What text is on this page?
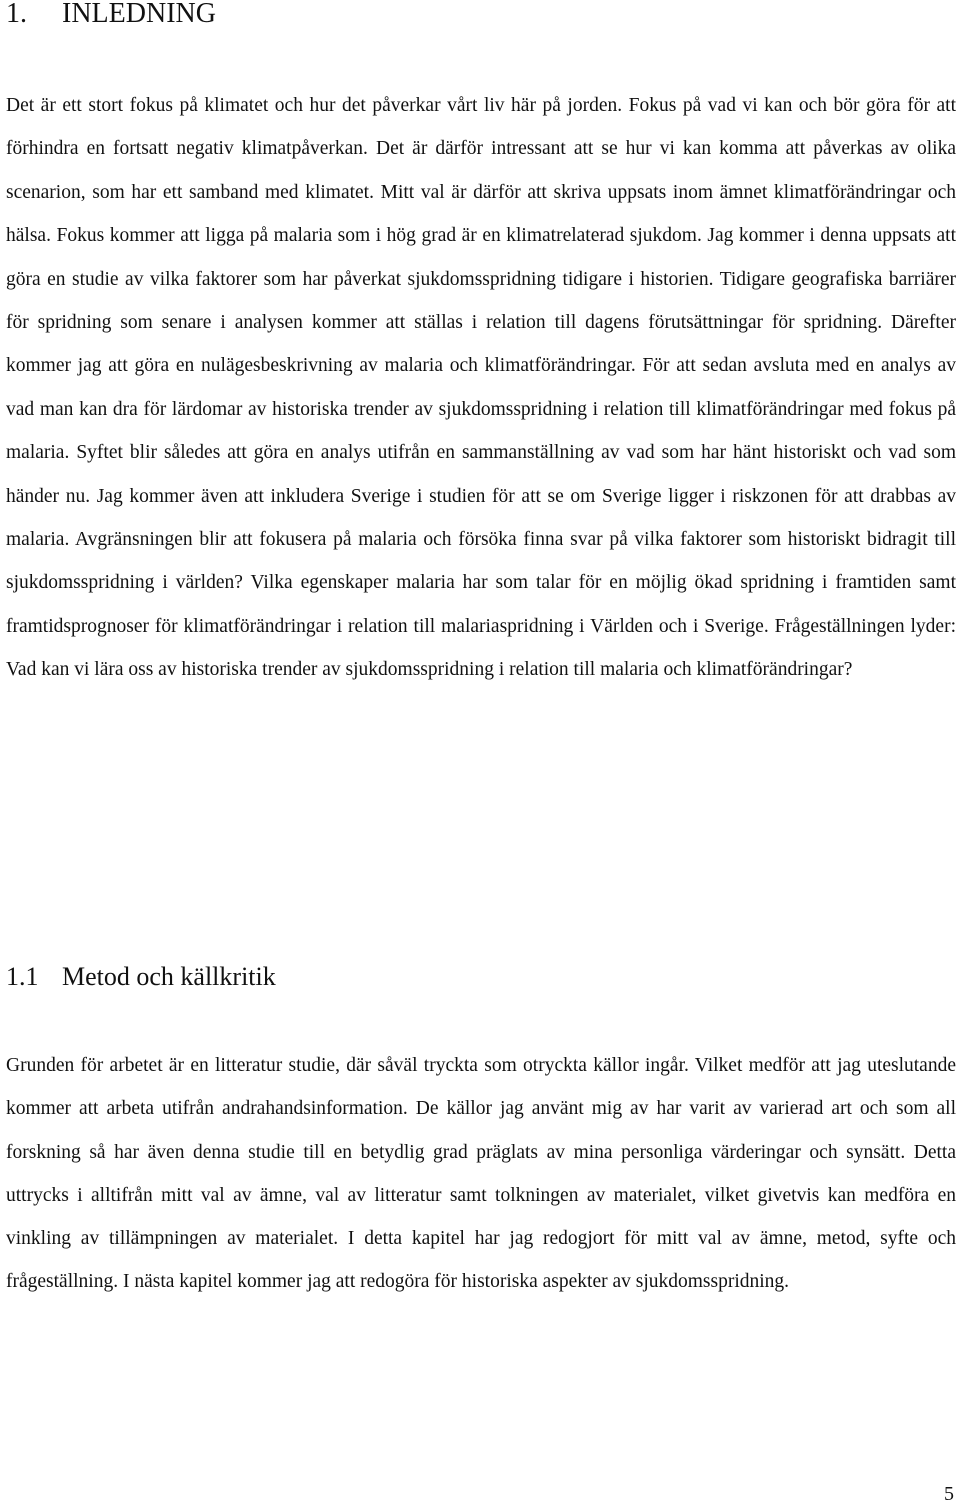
1. INLEDNING

Det är ett stort fokus på klimatet och hur det påverkar vårt liv här på jorden. Fokus på vad vi kan och bör göra för att förhindra en fortsatt negativ klimatpåverkan. Det är därför intressant att se hur vi kan komma att påverkas av olika scenarion, som har ett samband med klimatet. Mitt val är därför att skriva uppsats inom ämnet klimatförändringar och hälsa. Fokus kommer att ligga på malaria som i hög grad är en klimatrelaterad sjukdom. Jag kommer i denna uppsats att göra en studie av vilka faktorer som har påverkat sjukdomsspridning tidigare i historien. Tidigare geografiska barriärer för spridning som senare i analysen kommer att ställas i relation till dagens förutsättningar för spridning. Därefter kommer jag att göra en nulägesbeskrivning av malaria och klimatförändringar. För att sedan avsluta med en analys av vad man kan dra för lärdomar av historiska trender av sjukdomsspridning i relation till klimatförändringar med fokus på malaria. Syftet blir således att göra en analys utifrån en sammanställning av vad som har hänt historiskt och vad som händer nu. Jag kommer även att inkludera Sverige i studien för att se om Sverige ligger i riskzonen för att drabbas av malaria. Avgränsningen blir att fokusera på malaria och försöka finna svar på vilka faktorer som historiskt bidragit till sjukdomsspridning i världen? Vilka egenskaper malaria har som talar för en möjlig ökad spridning i framtiden samt framtidsprognoser för klimatförändringar i relation till malariaspridning i Världen och i Sverige. Frågeställningen lyder: Vad kan vi lära oss av historiska trender av sjukdomsspridning i relation till malaria och klimatförändringar?

1.1 Metod och källkritik

Grunden för arbetet är en litteratur studie, där såväl tryckta som otryckta källor ingår. Vilket medför att jag uteslutande kommer att arbeta utifrån andrahandsinformation. De källor jag använt mig av har varit av varierad art och som all forskning så har även denna studie till en betydlig grad präglats av mina personliga värderingar och synsätt. Detta uttrycks i alltifrån mitt val av ämne, val av litteratur samt tolkningen av materialet, vilket givetvis kan medföra en vinkling av tillämpningen av materialet. I detta kapitel har jag redogjort för mitt val av ämne, metod, syfte och frågeställning. I nästa kapitel kommer jag att redogöra för historiska aspekter av sjukdomsspridning.

5
